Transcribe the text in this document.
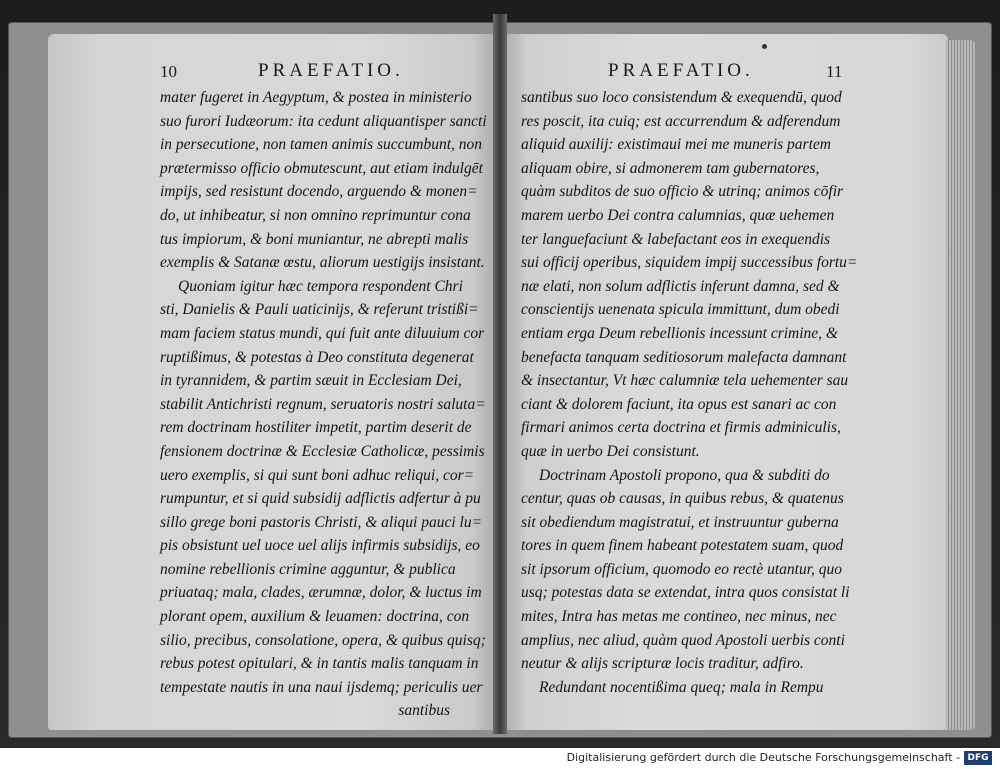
10	PRAEFATIO.	PRAEFATIO.	11
mater fugeret in Aegyptum, & postea in ministerio
suo furori Iudæorum: ita cedunt aliquantisper sancti
in persecutione, non tamen animis succumbunt, non
prætermisso officio obmutescunt, aut etiam indulgēt
impijs, sed resistunt docendo, arguendo & monen=
do, ut inhibeatur, si non omnino reprimuntur cona
tus impiorum, & boni muniantur, ne abrepti malis
exemplis & Satanæ œstu, aliorum uestigijs insistant.
Quoniam igitur hæc tempora respondent Chri
sti, Danielis & Pauli uaticinijs, & referunt tristißi=
mam faciem status mundi, qui fuit ante diluuium cor
ruptißimus, & potestas à Deo constituta degenerat
in tyrannidem, & partim sæuit in Ecclesiam Dei,
stabilit Antichristi regnum, seruatoris nostri saluta=
rem doctrinam hostiliter impetit, partim deserit de
fensionem doctrinæ & Ecclesiæ Catholicæ, pessimis
uero exemplis, si qui sunt boni adhuc reliqui, cor=
rumpuntur, et si quid subsidij adflictis adfertur à pu
sillo grege boni pastoris Christi, & aliqui pauci lu=
pis obsistunt uel uoce uel alijs infirmis subsidijs, eo
nomine rebellionis crimine agguntur, & publica
priuataq; mala, clades, ærumnæ, dolor, & luctus im
plorant opem, auxilium & leuamen: doctrina, con
silio, precibus, consolatione, opera, & quibus quisq;
rebus potest opitulari, & in tantis malis tanquam in
tempestate nautis in una naui ijsdemq; periculis uer
santibus
santibus suo loco consistendum & exequendū, quod
res poscit, ita cuiq; est accurrendum & adferendum
aliquid auxilij: existimaui mei me muneris partem
aliquam obire, si admonerem tam gubernatores,
quàm subditos de suo officio & utrinq; animos cōfir
marem uerbo Dei contra calumnias, quæ uehemen
ter languefaciunt & labefactant eos in exequendis
sui officij operibus, siquidem impij successibus fortu=
næ elati, non solum adflictis inferunt damna, sed &
conscientijs uenenata spicula immittunt, dum obedi
entiam erga Deum rebellionis incessunt crimine, &
benefacta tanquam seditiosorum malefacta damnant
& insectantur, Vt hæc calumniæ tela uehementer sau
ciant & dolorem faciunt, ita opus est sanari ac con
firmari animos certa doctrina et firmis adminiculis,
quæ in uerbo Dei consistunt.
Doctrinam Apostoli propono, qua & subditi do
centur, quas ob causas, in quibus rebus, & quatenus
sit obediendum magistratui, et instruuntur guberna
tores in quem finem habeant potestatem suam, quod
sit ipsorum officium, quomodo eo rectè utantur, quo
usq; potestas data se extendat, intra quos consistat li
mites, Intra has metas me contineo, nec minus, nec
amplius, nec aliud, quàm quod Apostoli uerbis conti
neutur & alijs scripturæ locis traditur, adfiro.
Redundant nocentißima queq; mala in Rempu
Digitalisierung gefördert durch die Deutsche Forschungsgemeinschaft - DFG
